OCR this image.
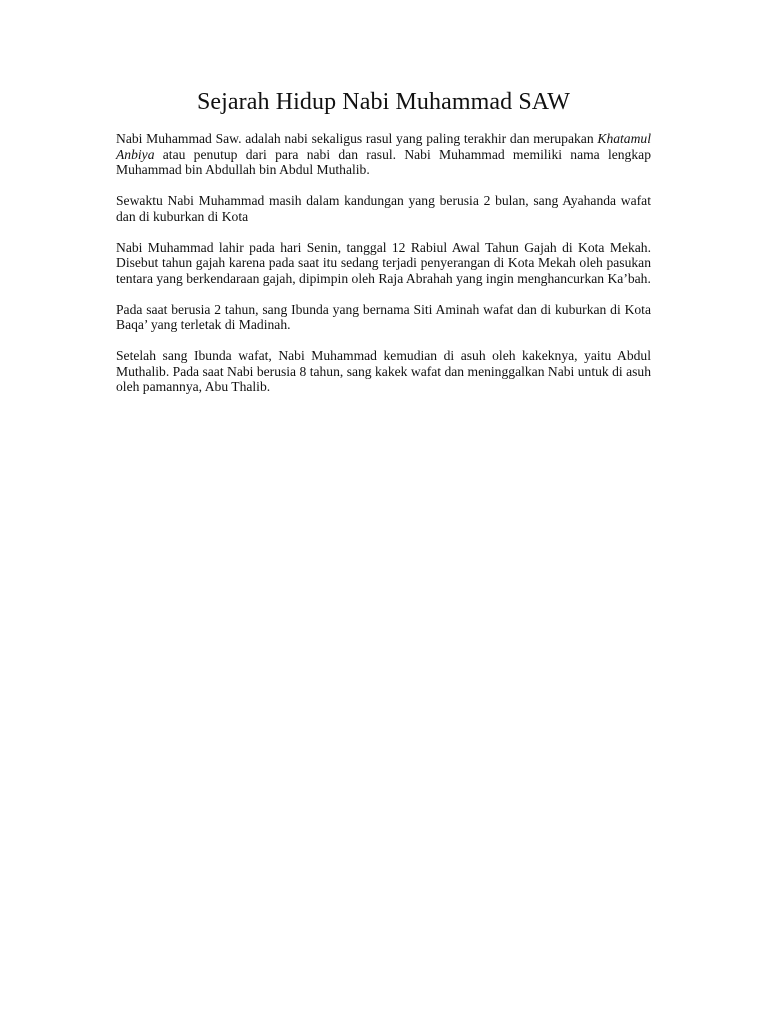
Sejarah Hidup Nabi Muhammad SAW

Nabi Muhammad Saw. adalah nabi sekaligus rasul yang paling terakhir dan merupakan Khatamul Anbiya atau penutup dari para nabi dan rasul. Nabi Muhammad memiliki nama lengkap Muhammad bin Abdullah bin Abdul Muthalib.

Sewaktu Nabi Muhammad masih dalam kandungan yang berusia 2 bulan, sang Ayahanda wafat dan di kuburkan di Kota

Nabi Muhammad lahir pada hari Senin, tanggal 12 Rabiul Awal Tahun Gajah di Kota Mekah. Disebut tahun gajah karena pada saat itu sedang terjadi penyerangan di Kota Mekah oleh pasukan tentara yang berkendaraan gajah, dipimpin oleh Raja Abrahah yang ingin menghancurkan Ka’bah.

Pada saat berusia 2 tahun, sang Ibunda yang bernama Siti Aminah wafat dan di kuburkan di Kota Baqa’ yang terletak di Madinah.

Setelah sang Ibunda wafat, Nabi Muhammad kemudian di asuh oleh kakeknya, yaitu Abdul Muthalib. Pada saat Nabi berusia 8 tahun, sang kakek wafat dan meninggalkan Nabi untuk di asuh oleh pamannya, Abu Thalib.
